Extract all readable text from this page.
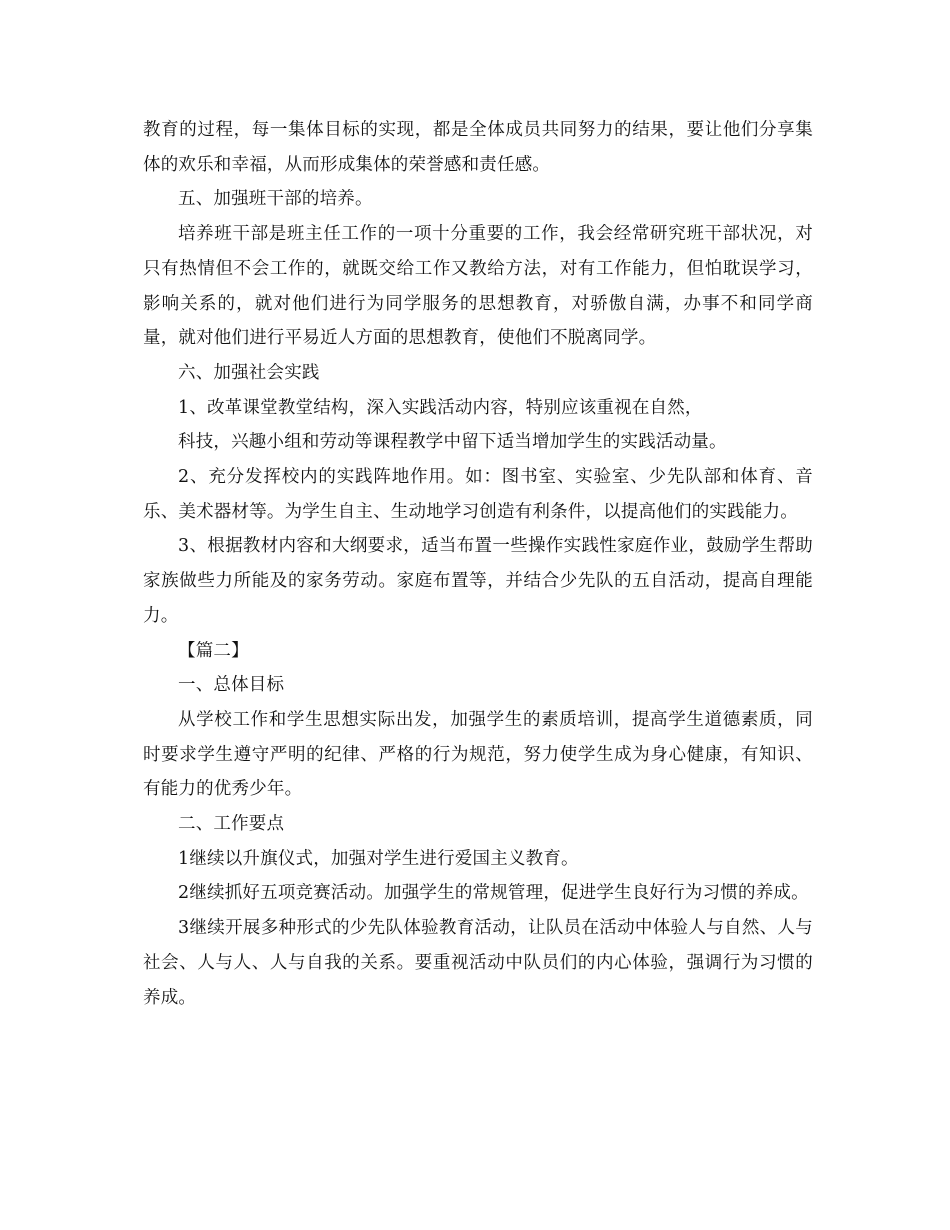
教育的过程，每一集体目标的实现，都是全体成员共同努力的结果，要让他们分享集体的欢乐和幸福，从而形成集体的荣誉感和责任感。

五、加强班干部的培养。

培养班干部是班主任工作的一项十分重要的工作，我会经常研究班干部状况，对只有热情但不会工作的，就既交给工作又教给方法，对有工作能力，但怕耽误学习，影响关系的，就对他们进行为同学服务的思想教育，对骄傲自满，办事不和同学商量，就对他们进行平易近人方面的思想教育，使他们不脱离同学。

六、加强社会实践

1、改革课堂教堂结构，深入实践活动内容，特别应该重视在自然，

科技，兴趣小组和劳动等课程教学中留下适当增加学生的实践活动量。

2、充分发挥校内的实践阵地作用。如：图书室、实验室、少先队部和体育、音乐、美术器材等。为学生自主、生动地学习创造有利条件，以提高他们的实践能力。

3、根据教材内容和大纲要求，适当布置一些操作实践性家庭作业，鼓励学生帮助家族做些力所能及的家务劳动。家庭布置等，并结合少先队的五自活动，提高自理能力。

【篇二】

一、总体目标

从学校工作和学生思想实际出发，加强学生的素质培训，提高学生道德素质，同时要求学生遵守严明的纪律、严格的行为规范，努力使学生成为身心健康，有知识、有能力的优秀少年。

二、工作要点

1继续以升旗仪式，加强对学生进行爱国主义教育。

2继续抓好五项竞赛活动。加强学生的常规管理，促进学生良好行为习惯的养成。

3继续开展多种形式的少先队体验教育活动，让队员在活动中体验人与自然、人与社会、人与人、人与自我的关系。要重视活动中队员们的内心体验，强调行为习惯的养成。
